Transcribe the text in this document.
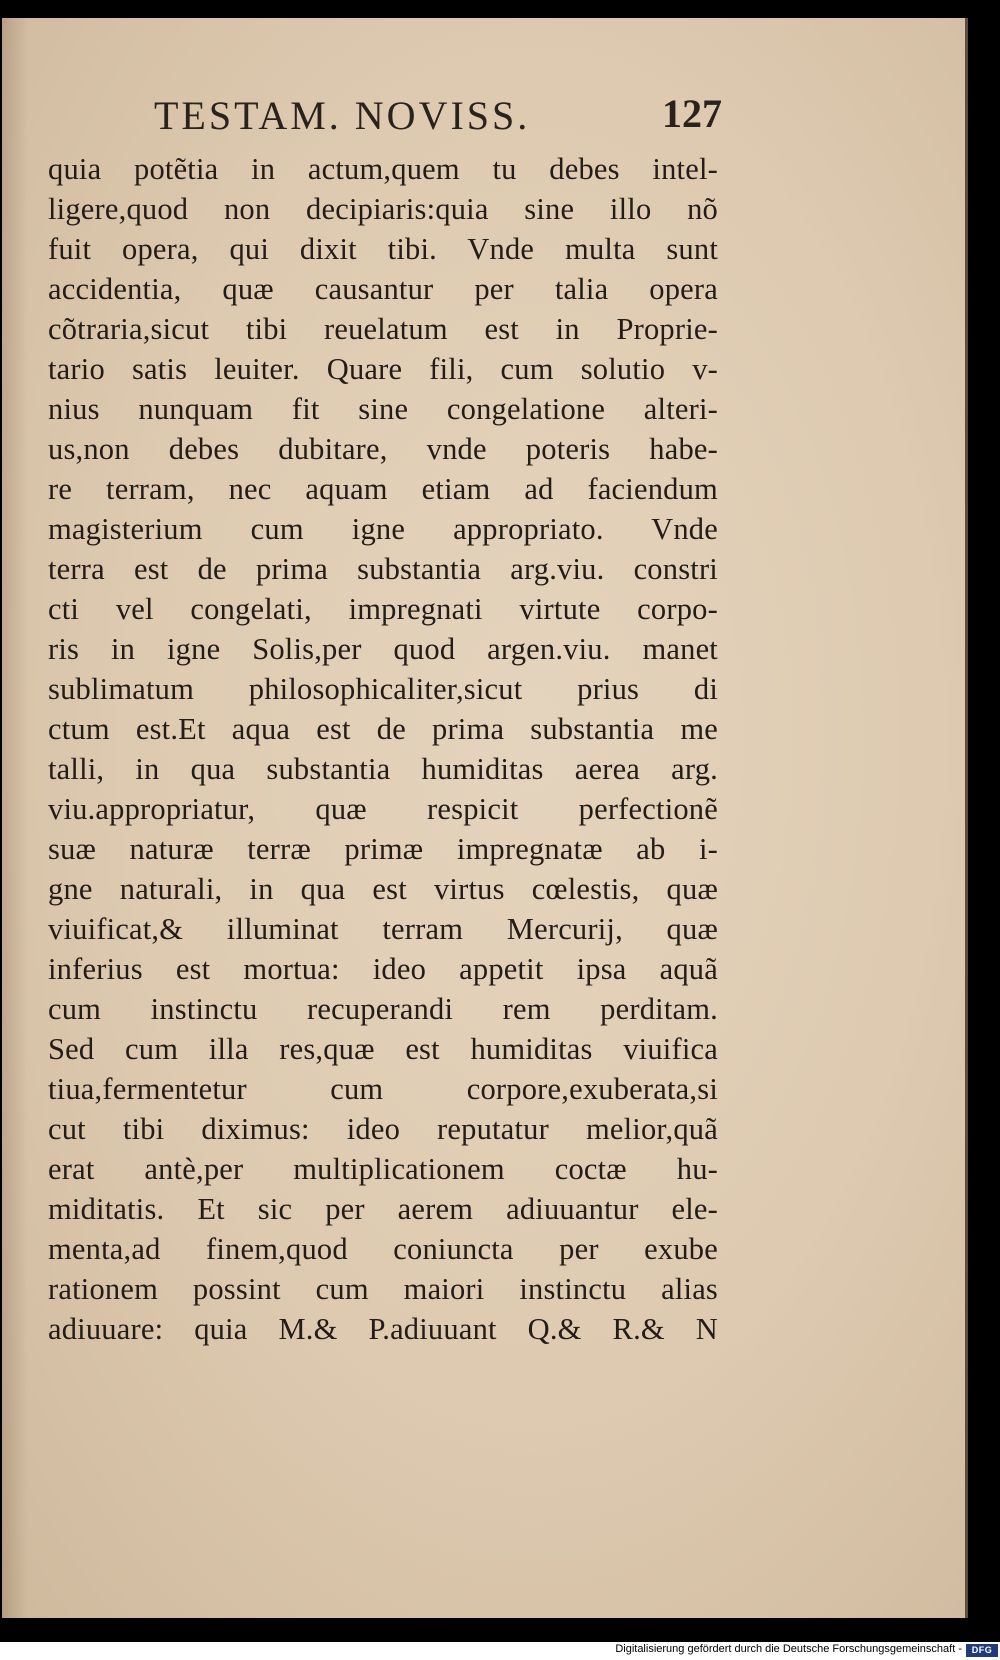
TESTAM. NOVISS.	127
quia potẽtia in actum,quem tu debes intel-
ligere,quod non decipiaris:quia sine illo nõ
fuit opera, qui dixit tibi. Vnde multa sunt
accidentia, quæ causantur per talia opera
cõtraria,sicut tibi reuelatum est in Proprie-
tario satis leuiter. Quare fili, cum solutio v-
nius nunquam fit sine congelatione alteri-
us,non debes dubitare, vnde poteris habe-
re terram, nec aquam etiam ad faciendum
magisterium cum igne appropriato. Vnde
terra est de prima substantia arg.viu. constri
cti vel congelati, impregnati virtute corpo-
ris in igne Solis,per quod argen.viu. manet
sublimatum philosophicaliter,sicut prius di
ctum est.Et aqua est de prima substantia me
talli, in qua substantia humiditas aerea arg.
viu.appropriatur, quæ respicit perfectionẽ
suæ naturæ terræ primæ impregnatæ ab i-
gne naturali, in qua est virtus cœlestis, quæ
viuificat,& illuminat terram Mercurij, quæ
inferius est mortua: ideo appetit ipsa aquã
cum instinctu recuperandi rem perditam.
Sed cum illa res,quæ est humiditas viuifica
tiua,fermentetur cum corpore,exuberata,si
cut tibi diximus: ideo reputatur melior,quã
erat antè,per multiplicationem coctæ hu-
miditatis. Et sic per aerem adiuuantur ele-
menta,ad finem,quod coniuncta per exube
rationem possint cum maiori instinctu alias
adiuuare: quia M.& P.adiuuant Q.& R.& N
Digitalisierung gefördert durch die Deutsche Forschungsgemeinschaft -	DFG
